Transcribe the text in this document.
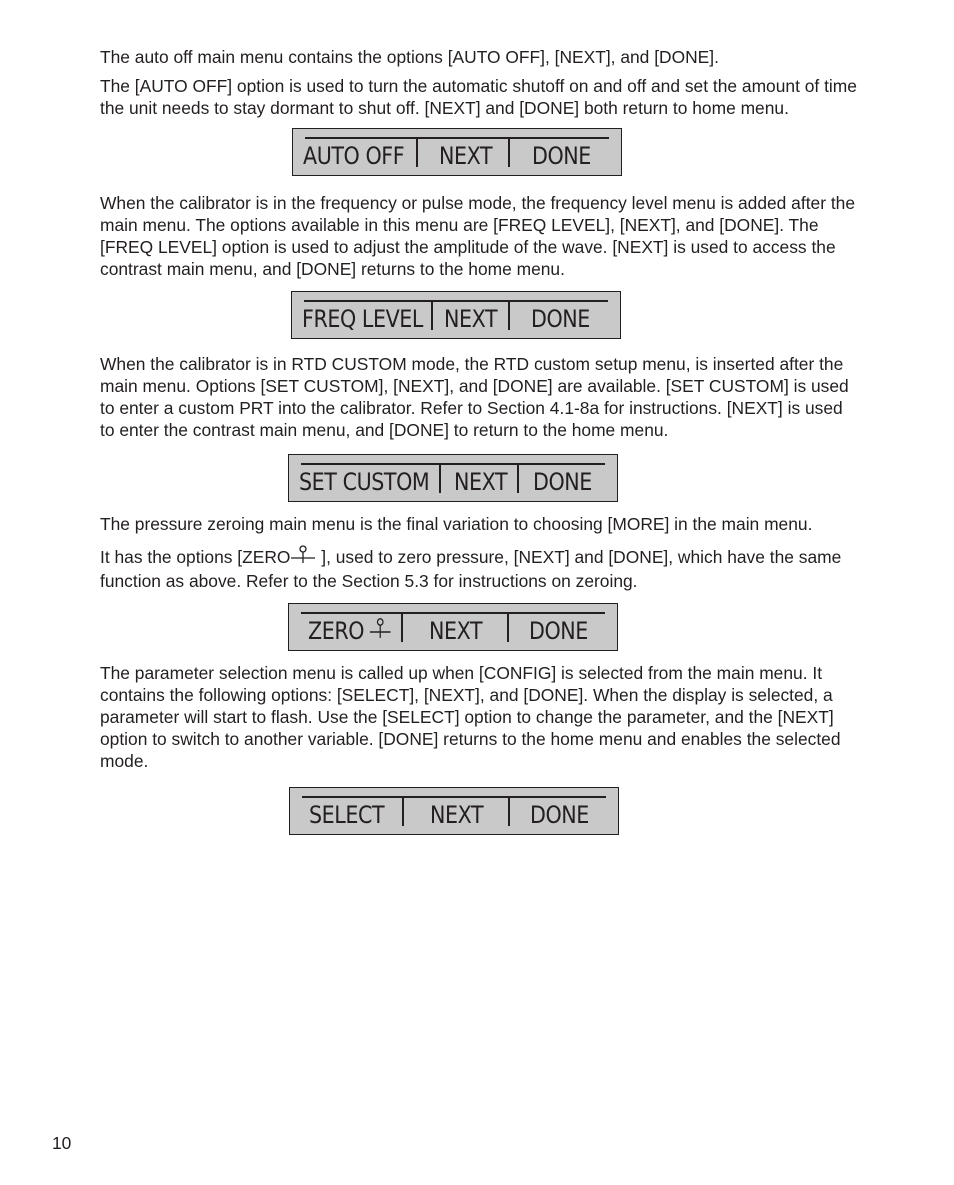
The auto off main menu contains the options [AUTO OFF], [NEXT], and [DONE].

The [AUTO OFF] option is used to turn the automatic shutoff on and off and set the amount of time the unit needs to stay dormant to shut off. [NEXT] and [DONE] both return to home menu.

AUTO OFF NEXT DONE

When the calibrator is in the frequency or pulse mode, the frequency level menu is added after the main menu. The options available in this menu are [FREQ LEVEL], [NEXT], and [DONE]. The [FREQ LEVEL] option is used to adjust the amplitude of the wave. [NEXT] is used to access the contrast main menu, and [DONE] returns to the home menu.

FREQ LEVEL NEXT DONE

When the calibrator is in RTD CUSTOM mode, the RTD custom setup menu, is inserted after the main menu. Options [SET CUSTOM], [NEXT], and [DONE] are available. [SET CUSTOM] is used to enter a custom PRT into the calibrator. Refer to Section 4.1-8a for instructions. [NEXT] is used to enter the contrast main menu, and [DONE] to return to the home menu.

SET CUSTOM NEXT DONE

The pressure zeroing main menu is the final variation to choosing [MORE] in the main menu.

It has the options [ZERO ], used to zero pressure, [NEXT] and [DONE], which have the same function as above. Refer to the Section 5.3 for instructions on zeroing.

ZERO	NEXT DONE

The parameter selection menu is called up when [CONFIG] is selected from the main menu. It contains the following options: [SELECT], [NEXT], and [DONE]. When the display is selected, a parameter will start to flash. Use the [SELECT] option to change the parameter, and the [NEXT] option to switch to another variable. [DONE] returns to the home menu and enables the selected mode.

SELECT NEXT DONE
10
